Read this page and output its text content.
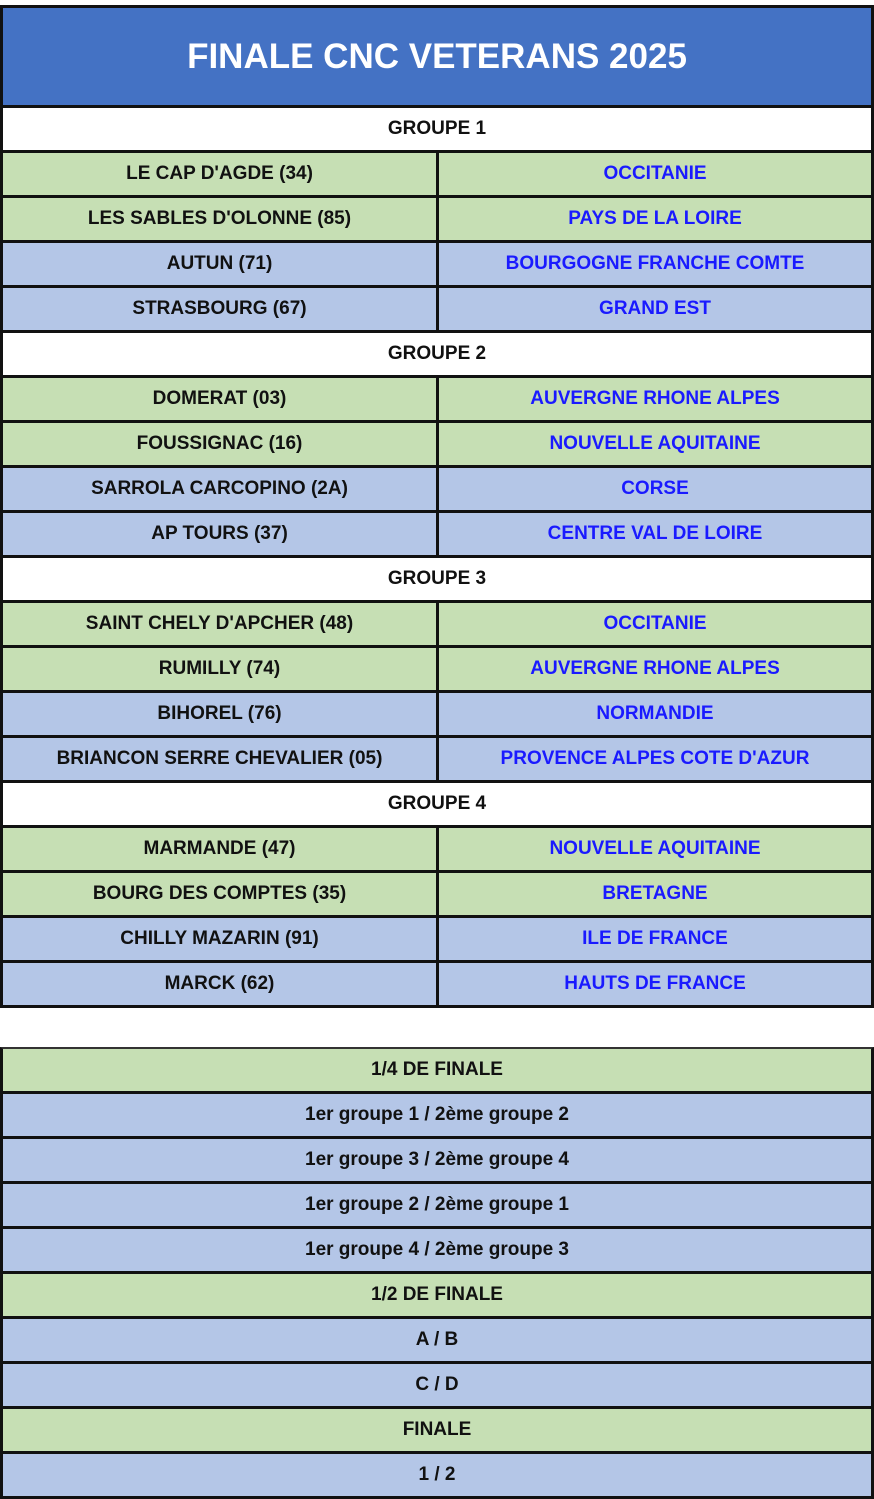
FINALE CNC VETERANS 2025
GROUPE 1
LE CAP D'AGDE (34)	OCCITANIE
LES SABLES D'OLONNE (85)	PAYS DE LA LOIRE
AUTUN (71)	BOURGOGNE FRANCHE COMTE
STRASBOURG (67)	GRAND EST
GROUPE 2
DOMERAT (03)	AUVERGNE RHONE ALPES
FOUSSIGNAC (16)	NOUVELLE AQUITAINE
SARROLA CARCOPINO (2A)	CORSE
AP TOURS (37)	CENTRE VAL DE LOIRE
GROUPE 3
SAINT CHELY D'APCHER (48)	OCCITANIE
RUMILLY (74)	AUVERGNE RHONE ALPES
BIHOREL (76)	NORMANDIE
BRIANCON SERRE CHEVALIER (05)	PROVENCE ALPES COTE D'AZUR
GROUPE 4
MARMANDE (47)	NOUVELLE AQUITAINE
BOURG DES COMPTES (35)	BRETAGNE
CHILLY MAZARIN (91)	ILE DE FRANCE
MARCK (62)	HAUTS DE FRANCE
1/4 DE FINALE
1er groupe 1 / 2ème groupe 2
1er groupe 3 / 2ème groupe 4
1er groupe 2 / 2ème groupe 1
1er groupe 4 / 2ème groupe 3
1/2 DE FINALE
A / B
C / D
FINALE
1 / 2
